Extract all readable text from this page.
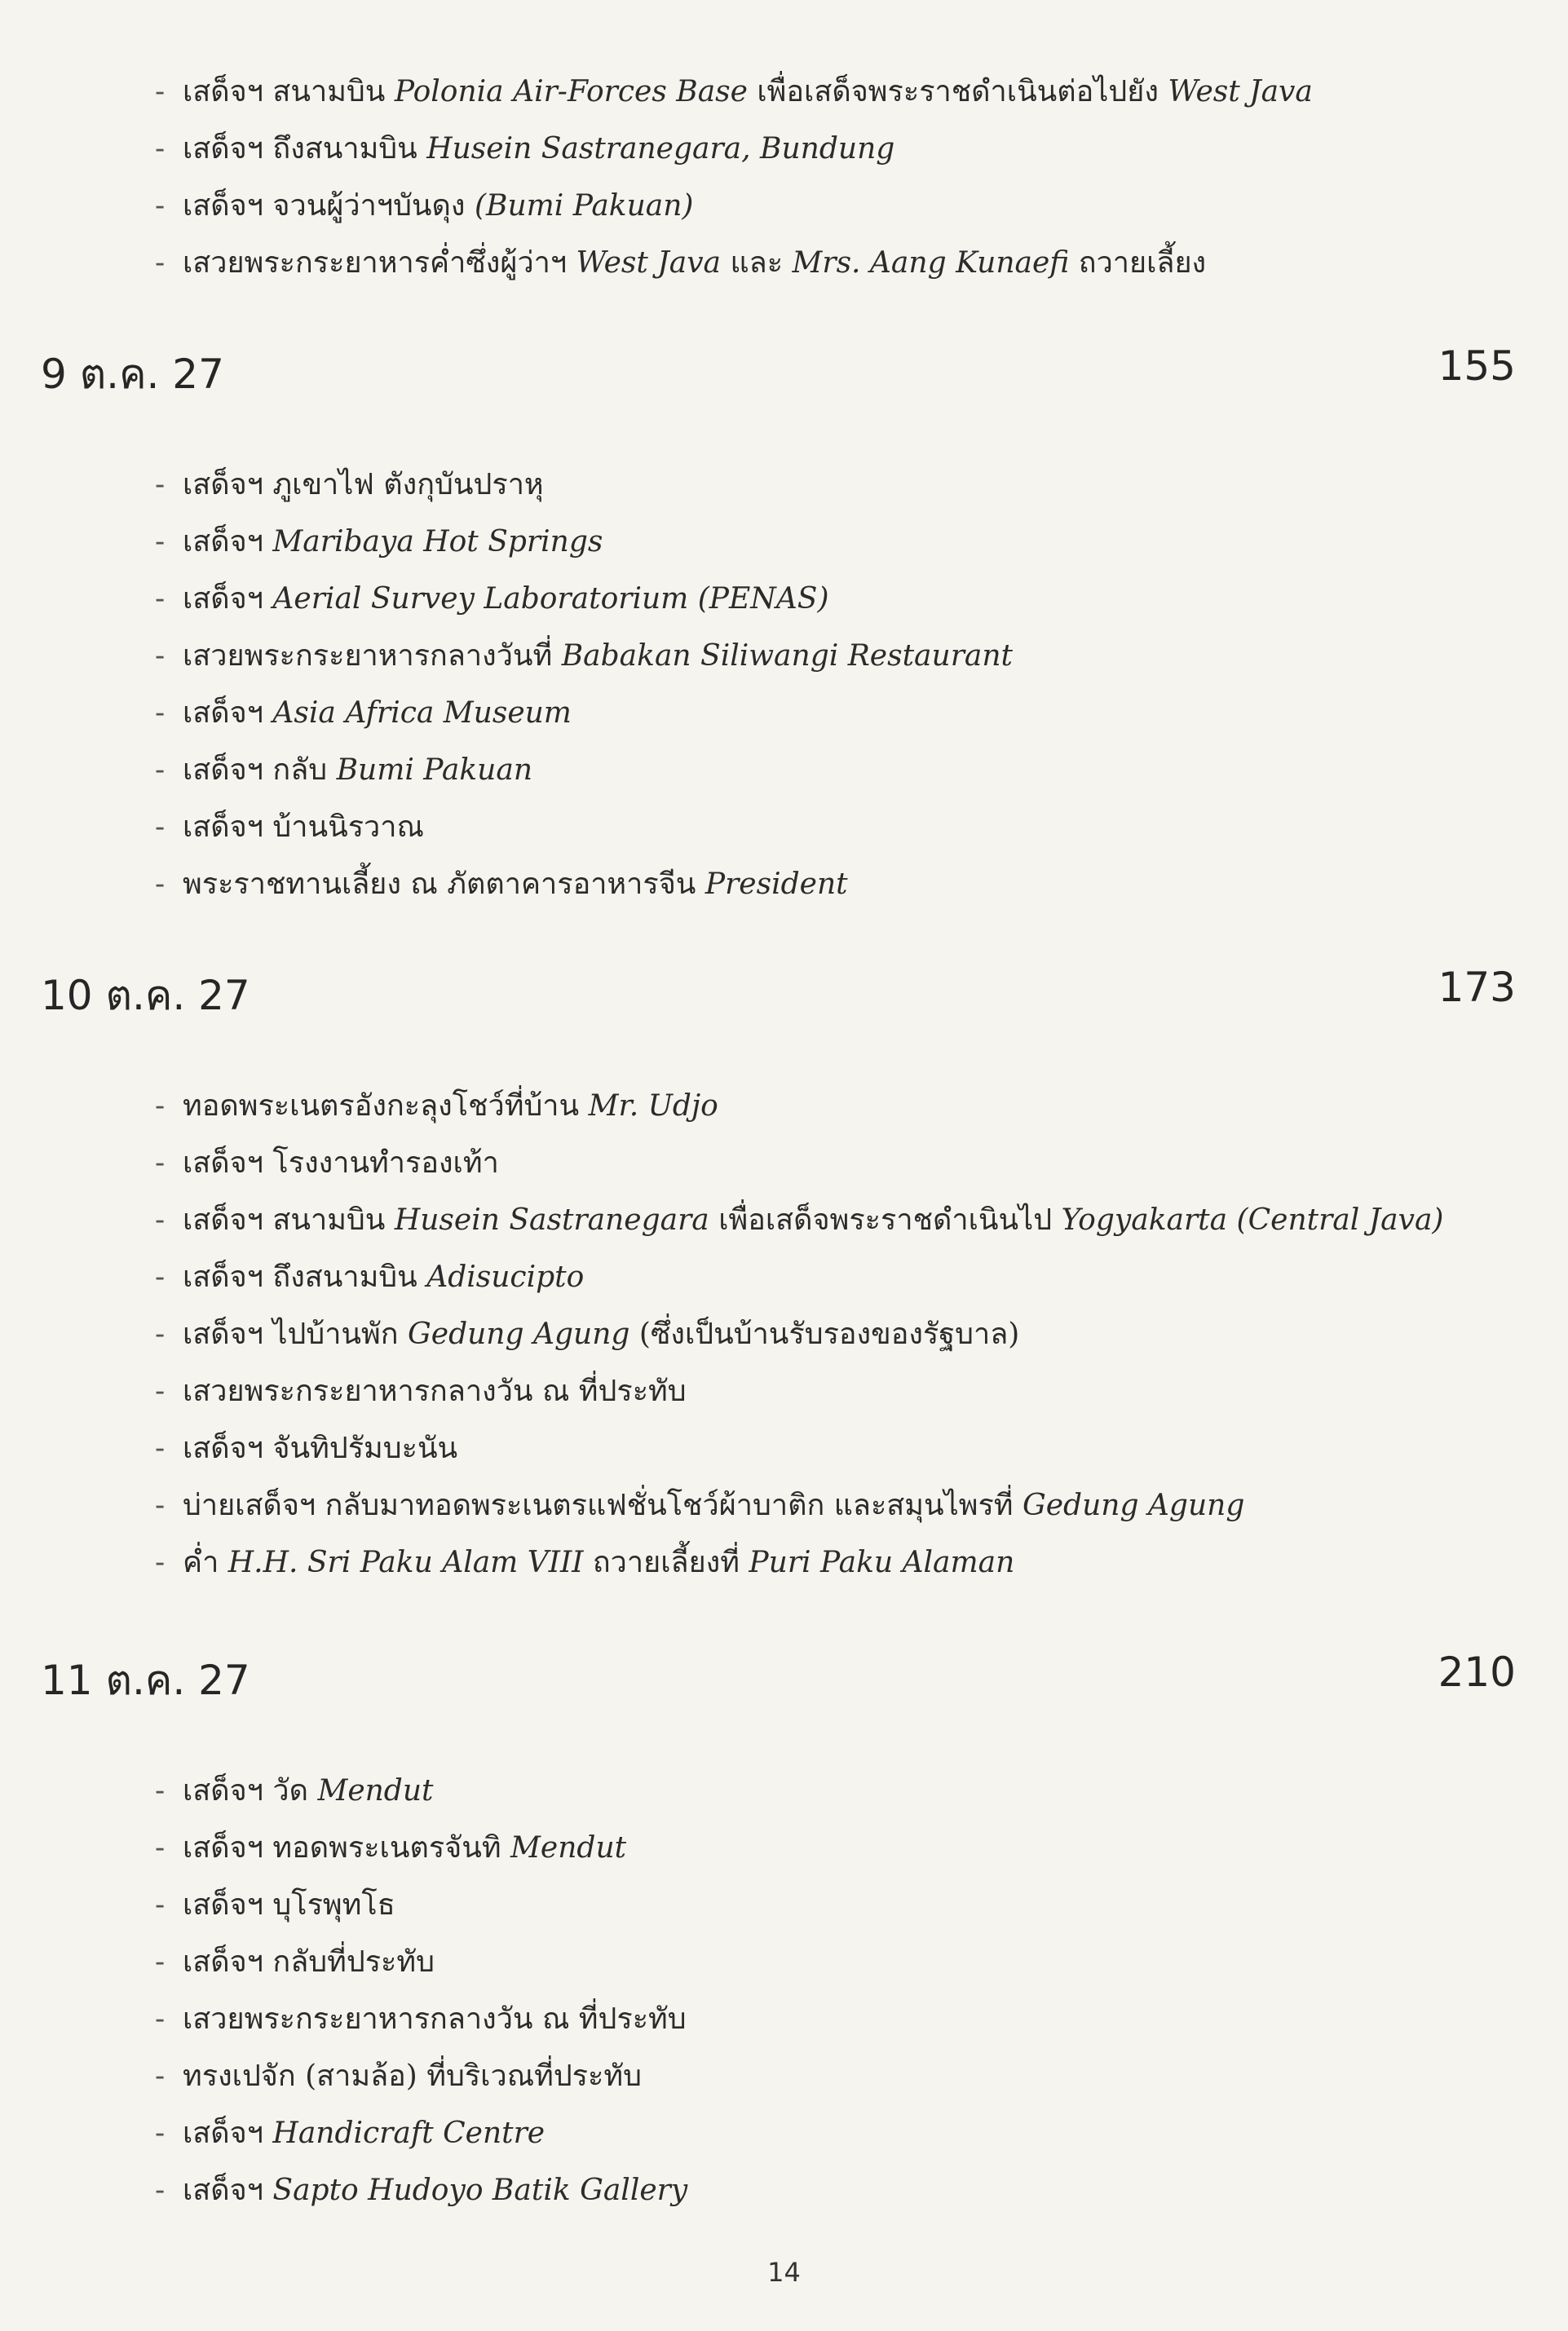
- เสด็จฯ สนามบิน Polonia Air-Forces Base เพื่อเสด็จพระราชดำเนินต่อไปยัง West Java
- เสด็จฯ ถึงสนามบิน Husein Sastranegara, Bundung
- เสด็จฯ จวนผู้ว่าฯบันดุง (Bumi Pakuan)
- เสวยพระกระยาหารค่ำซึ่งผู้ว่าฯ West Java และ Mrs. Aang Kunaefi ถวายเลี้ยง
9 ต.ค. 27	155
- เสด็จฯ ภูเขาไฟ ตังกุบันปราหุ
- เสด็จฯ Maribaya Hot Springs
- เสด็จฯ Aerial Survey Laboratorium (PENAS)
- เสวยพระกระยาหารกลางวันที่ Babakan Siliwangi Restaurant
- เสด็จฯ Asia Africa Museum
- เสด็จฯ กลับ Bumi Pakuan
- เสด็จฯ บ้านนิรวาณ
- พระราชทานเลี้ยง ณ ภัตตาคารอาหารจีน President
10 ต.ค. 27	173
- ทอดพระเนตรอังกะลุงโชว์ที่บ้าน Mr. Udjo
- เสด็จฯ โรงงานทำรองเท้า
- เสด็จฯ สนามบิน Husein Sastranegara เพื่อเสด็จพระราชดำเนินไป Yogyakarta (Central Java)
- เสด็จฯ ถึงสนามบิน Adisucipto
- เสด็จฯ ไปบ้านพัก Gedung Agung (ซึ่งเป็นบ้านรับรองของรัฐบาล)
- เสวยพระกระยาหารกลางวัน ณ ที่ประทับ
- เสด็จฯ จันทิปรัมบะนัน
- บ่ายเสด็จฯ กลับมาทอดพระเนตรแฟชั่นโชว์ผ้าบาติก และสมุนไพรที่ Gedung Agung
- ค่ำ H.H. Sri Paku Alam VIII ถวายเลี้ยงที่ Puri Paku Alaman
11 ต.ค. 27	210
- เสด็จฯ วัด Mendut
- เสด็จฯ ทอดพระเนตรจันทิ Mendut
- เสด็จฯ บุโรพุทโธ
- เสด็จฯ กลับที่ประทับ
- เสวยพระกระยาหารกลางวัน ณ ที่ประทับ
- ทรงเปจัก (สามล้อ) ที่บริเวณที่ประทับ
- เสด็จฯ Handicraft Centre
- เสด็จฯ Sapto Hudoyo Batik Gallery
14
